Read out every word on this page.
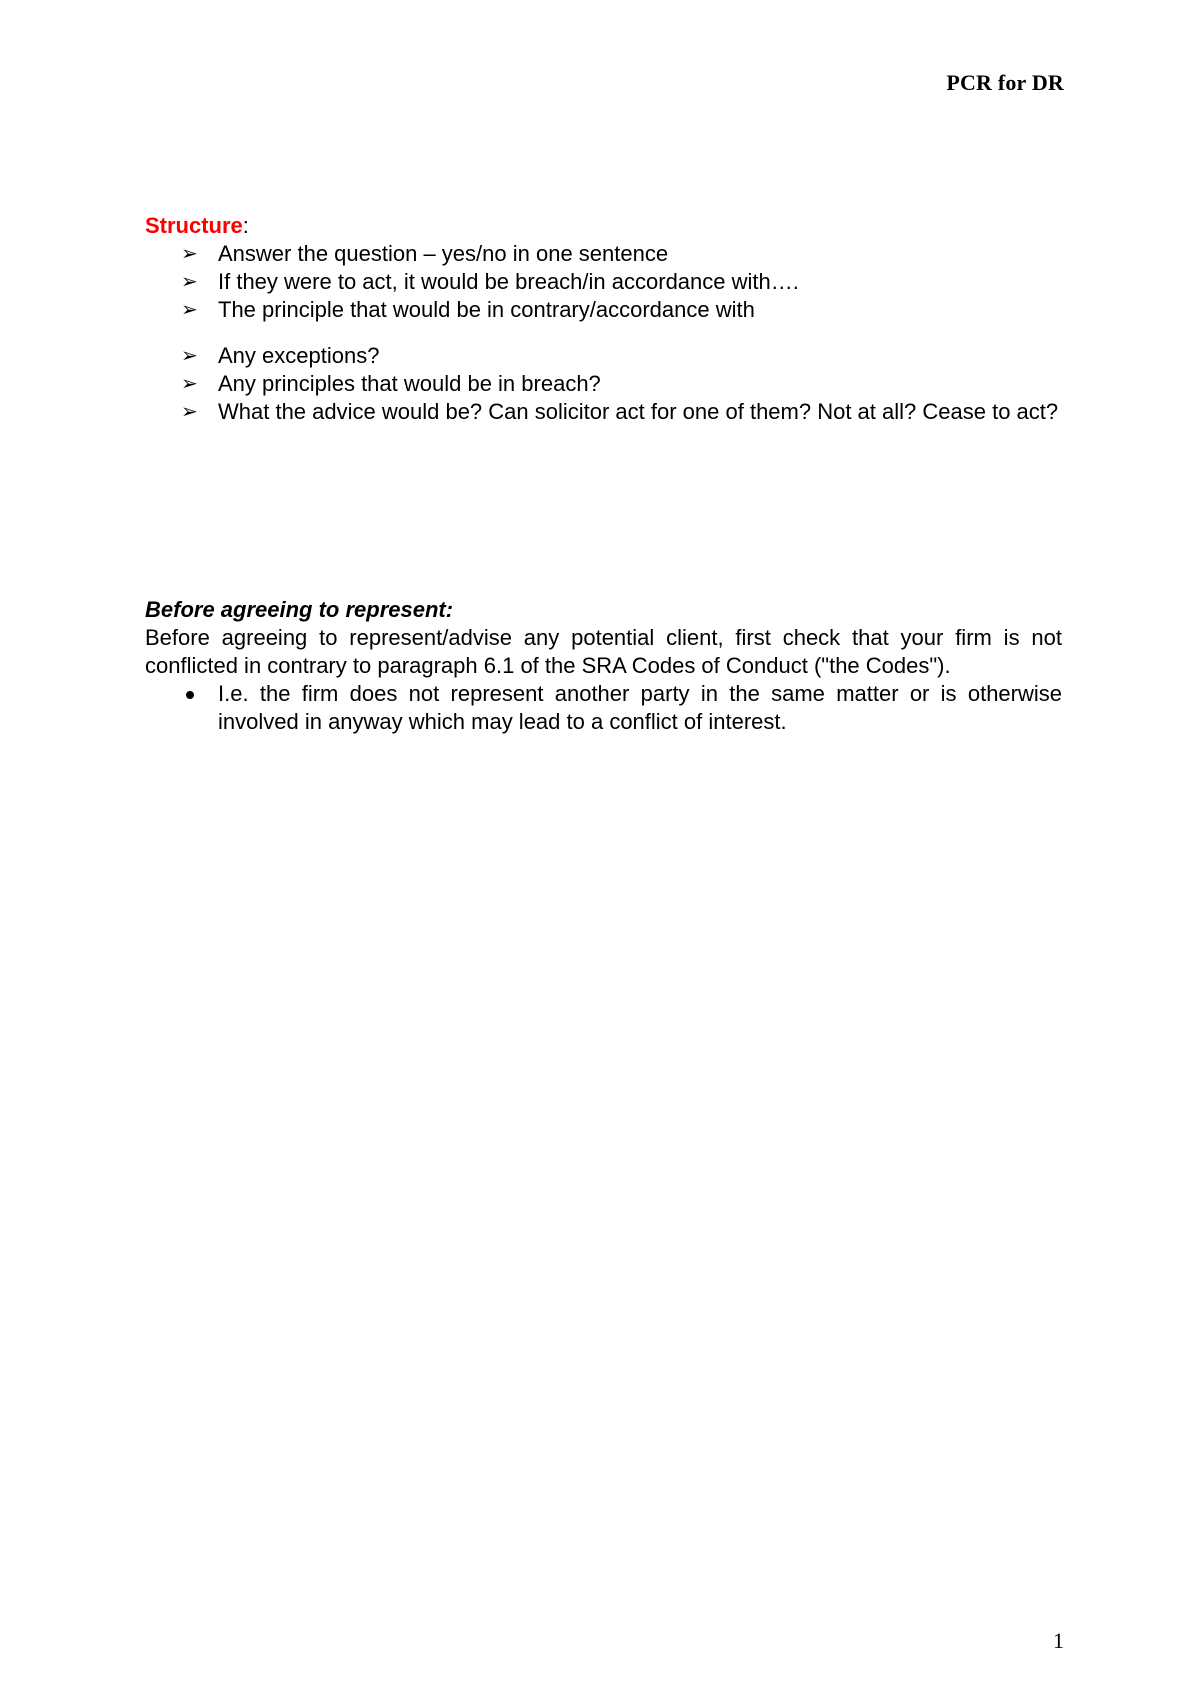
PCR for DR
Structure:
➢ Answer the question – yes/no in one sentence
➢ If they were to act, it would be breach/in accordance with….
➢ The principle that would be in contrary/accordance with
➢ Any exceptions?
➢ Any principles that would be in breach?
➢ What the advice would be? Can solicitor act for one of them? Not at all? Cease to act?

Before agreeing to represent:

Before agreeing to represent/advise any potential client, first check that your firm is not conflicted in contrary to paragraph 6.1 of the SRA Codes of Conduct ("the Codes").

I.e. the firm does not represent another party in the same matter or is otherwise involved in anyway which may lead to a conflict of interest.
1
